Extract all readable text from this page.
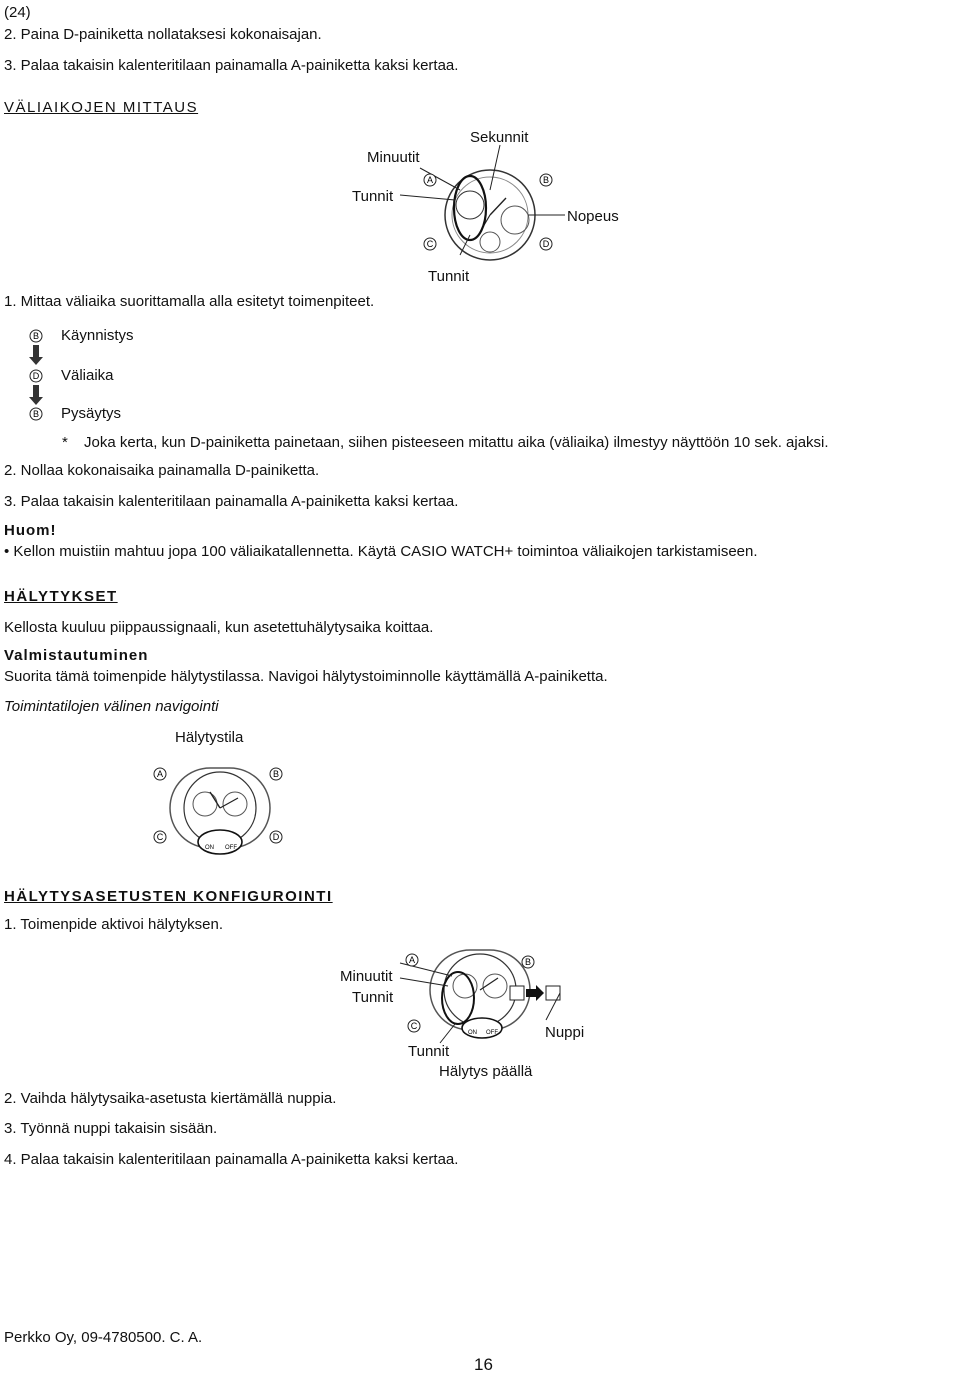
(24)
2. Paina D-painiketta nollataksesi kokonaisajan.
3. Palaa takaisin kalenteritilaan painamalla A-painiketta kaksi kertaa.
VÄLIAIKOJEN MITTAUS
Minuutit
Sekunnit
Tunnit
Nopeus
Tunnit
A	B
C	D
1. Mittaa väliaika suorittamalla alla esitetyt toimenpiteet.
B
D
B
Käynnistys
Väliaika
Pysäytys
* Joka kerta, kun D-painiketta painetaan, siihen pisteeseen mitattu aika (väliaika) ilmestyy näyttöön 10 sek. ajaksi.
2. Nollaa kokonaisaika painamalla D-painiketta.
3. Palaa takaisin kalenteritilaan painamalla A-painiketta kaksi kertaa.
Huom!
• Kellon muistiin mahtuu jopa 100 väliaikatallennetta. Käytä CASIO WATCH+ toimintoa väliaikojen tarkistamiseen.
HÄLYTYKSET
Kellosta kuuluu piippaussignaali, kun asetettuhälytysaika koittaa.
Valmistautuminen
Suorita tämä toimenpide hälytystilassa. Navigoi hälytystoiminnolle käyttämällä A-painiketta.
Toimintatilojen välinen navigointi
Hälytystila
ON OFF
A	B
C	D
HÄLYTYSASETUSTEN KONFIGUROINTI
1. Toimenpide aktivoi hälytyksen.
Minuutit
Tunnit
Tunnit
Hälytys päällä
Nuppi
ON OFF
A	B
C
2. Vaihda hälytysaika-asetusta kiertämällä nuppia.
3. Työnnä nuppi takaisin sisään.
4. Palaa takaisin kalenteritilaan painamalla A-painiketta kaksi kertaa.
Perkko Oy, 09-4780500. C. A.
16
